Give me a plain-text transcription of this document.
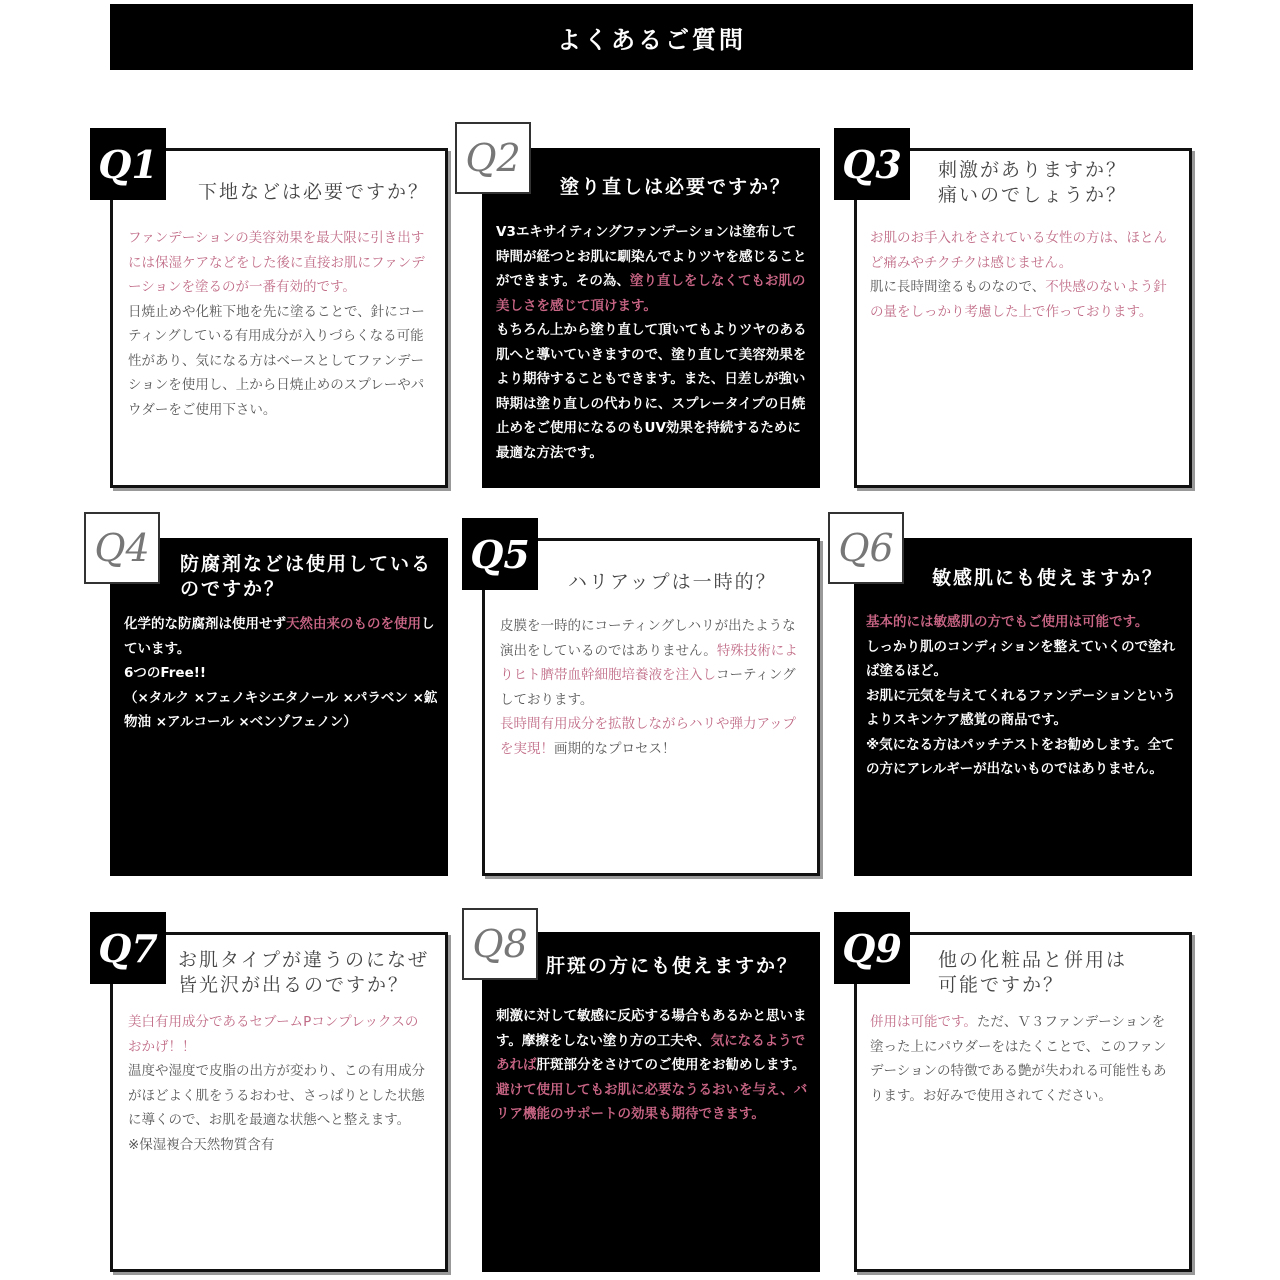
よくあるご質問
Q1
下地などは必要ですか？
ファンデーションの美容効果を最大限に引き出すには保湿ケアなどをした後に直接お肌にファンデーションを塗るのが一番有効的です。
日焼止めや化粧下地を先に塗ることで、針にコーティングしている有用成分が入りづらくなる可能性があり、気になる方はベースとしてファンデーションを使用し、上から日焼止めのスプレーやパウダーをご使用下さい。
Q2
塗り直しは必要ですか？
V3エキサイティングファンデーションは塗布して時間が経つとお肌に馴染んでよりツヤを感じることができます。その為、塗り直しをしなくてもお肌の美しさを感じて頂けます。
もちろん上から塗り直して頂いてもよりツヤのある肌へと導いていきますので、塗り直して美容効果をより期待することもできます。また、日差しが強い時期は塗り直しの代わりに、スプレータイプの日焼止めをご使用になるのもUV効果を持続するために最適な方法です。
Q3 刺激がありますか？
痛いのでしょうか？
お肌のお手入れをされている女性の方は、ほとんど痛みやチクチクは感じません。
肌に長時間塗るものなので、不快感のないよう針の量をしっかり考慮した上で作っております。
Q4 防腐剤などは使用している
のですか？
化学的な防腐剤は使用せず天然由来のものを使用しています。
6つのFree!!
（×タルク ×フェノキシエタノール ×パラベン ×鉱物油 ×アルコール ×ベンゾフェノン）
Q5
ハリアップは一時的？
皮膜を一時的にコーティングしハリが出たような演出をしているのではありません。特殊技術によりヒト臍帯血幹細胞培養液を注入しコーティングしております。
長時間有用成分を拡散しながらハリや弾力アップを実現！画期的なプロセス！
Q6
敏感肌にも使えますか？
基本的には敏感肌の方でもご使用は可能です。
しっかり肌のコンディションを整えていくので塗れば塗るほど。
お肌に元気を与えてくれるファンデーションというよりスキンケア感覚の商品です。
※気になる方はパッチテストをお勧めします。全ての方にアレルギーが出ないものではありません。
Q7 お肌タイプが違うのになぜ
皆光沢が出るのですか？
美白有用成分であるセブームPコンプレックスのおかげ！！
温度や湿度で皮脂の出方が変わり、この有用成分がほどよく肌をうるおわせ、さっぱりとした状態に導くので、お肌を最適な状態へと整えます。
※保湿複合天然物質含有
Q8 肝斑の方にも使えますか？
刺激に対して敏感に反応する場合もあるかと思います。摩擦をしない塗り方の工夫や、気になるようであれば肝斑部分をさけてのご使用をお勧めします。
避けて使用してもお肌に必要なうるおいを与え、バリア機能のサポートの効果も期待できます。
Q9 他の化粧品と併用は
可能ですか？
併用は可能です。ただ、Ｖ３ファンデーションを塗った上にパウダーをはたくことで、このファンデーションの特徴である艶が失われる可能性もあります。お好みで使用されてください。
